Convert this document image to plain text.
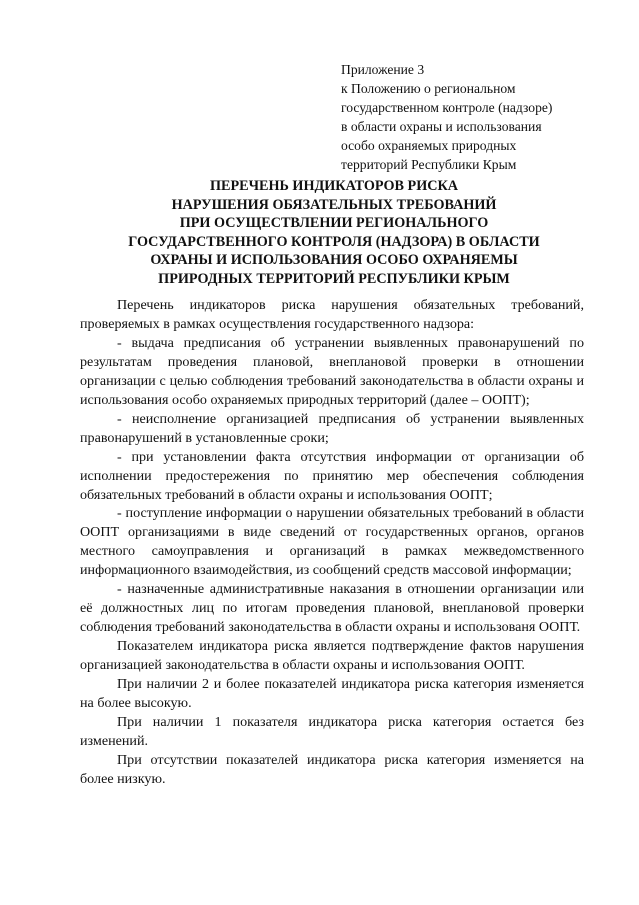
Приложение 3
к Положению о региональном
государственном контроле (надзоре)
в области охраны и использования
особо охраняемых природных
территорий Республики Крым
ПЕРЕЧЕНЬ ИНДИКАТОРОВ РИСКА
НАРУШЕНИЯ ОБЯЗАТЕЛЬНЫХ ТРЕБОВАНИЙ
ПРИ ОСУЩЕСТВЛЕНИИ РЕГИОНАЛЬНОГО
ГОСУДАРСТВЕННОГО КОНТРОЛЯ (НАДЗОРА) В ОБЛАСТИ
ОХРАНЫ И ИСПОЛЬЗОВАНИЯ ОСОБО ОХРАНЯЕМЫ
ПРИРОДНЫХ ТЕРРИТОРИЙ РЕСПУБЛИКИ КРЫМ

Перечень индикаторов риска нарушения обязательных требований, проверяемых в рамках осуществления государственного надзора:

- выдача предписания об устранении выявленных правонарушений по результатам проведения плановой, внеплановой проверки в отношении организации с целью соблюдения требований законодательства в области охраны и использования особо охраняемых природных территорий (далее – ООПТ);

- неисполнение организацией предписания об устранении выявленных правонарушений в установленные сроки;

- при установлении факта отсутствия информации от организации об исполнении предостережения по принятию мер обеспечения соблюдения обязательных требований в области охраны и использования ООПТ;

- поступление информации о нарушении обязательных требований в области ООПТ организациями в виде сведений от государственных органов, органов местного самоуправления и организаций в рамках межведомственного информационного взаимодействия, из сообщений средств массовой информации;

- назначенные административные наказания в отношении организации или её должностных лиц по итогам проведения плановой, внеплановой проверки соблюдения требований законодательства в области охраны и использованя ООПТ.

Показателем индикатора риска является подтверждение фактов нарушения организацией законодательства в области охраны и использования ООПТ.

При наличии 2 и более показателей индикатора риска категория изменяется на более высокую.

При наличии 1 показателя индикатора риска категория остается без изменений.

При отсутствии показателей индикатора риска категория изменяется на более низкую.
